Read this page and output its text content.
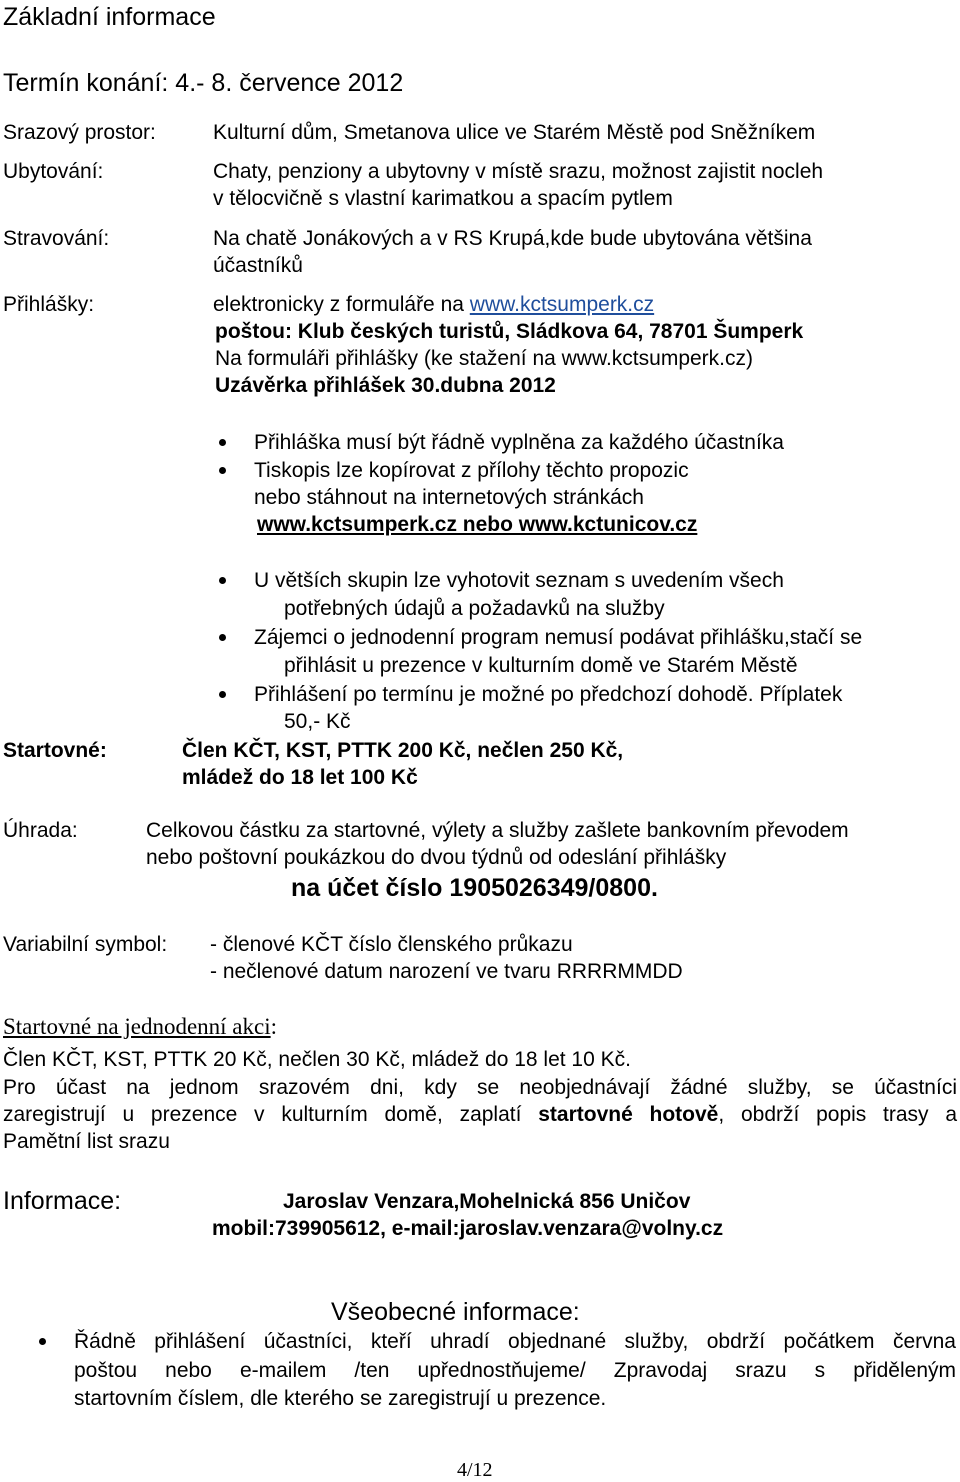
Základní informace
Termín konání: 4.- 8. července 2012
Srazový prostor:	Kulturní dům, Smetanova ulice ve Starém Městě pod Sněžníkem
Ubytování:	Chaty, penziony a ubytovny v místě srazu, možnost zajistit nocleh
v tělocvičně s vlastní karimatkou a spacím pytlem
Stravování:	Na chatě Jonákových a v RS Krupá,kde bude ubytována většina
účastníků
Přihlášky:	elektronicky z formuláře na www.kctsumperk.cz
poštou: Klub českých turistů, Sládkova 64, 78701 Šumperk
Na formuláři přihlášky (ke stažení na www.kctsumperk.cz)
Uzávěrka přihlášek 30.dubna 2012
Přihláška musí být řádně vyplněna za každého účastníka
Tiskopis lze kopírovat z přílohy těchto propozic
nebo stáhnout na internetových stránkách
www.kctsumperk.cz nebo www.kctunicov.cz
U větších skupin lze vyhotovit seznam s uvedením všech
potřebných údajů a požadavků na služby
Zájemci o jednodenní program nemusí podávat přihlášku,stačí se
přihlásit u prezence v kulturním domě ve Starém Městě
Přihlášení po termínu je možné po předchozí dohodě. Příplatek
50,- Kč
Startovné:	Člen KČT, KST, PTTK 200 Kč, nečlen 250 Kč,
mládež do 18 let 100 Kč
Úhrada:	Celkovou částku za startovné, výlety a služby zašlete bankovním převodem
nebo poštovní poukázkou do dvou týdnů od odeslání přihlášky
na účet číslo 1905026349/0800.
Variabilní symbol: - členové KČT číslo členského průkazu
- nečlenové datum narození ve tvaru RRRRMMDD
Startovné na jednodenní akci:
Člen KČT, KST, PTTK 20 Kč, nečlen 30 Kč, mládež do 18 let 10 Kč.
Pro účast na jednom srazovém dni, kdy se neobjednávají žádné služby, se účastníci
zaregistrují u prezence v kulturním domě, zaplatí startovné hotově, obdrží popis trasy a
Pamětní list srazu
Informace:	Jaroslav Venzara,Mohelnická 856 Uničov
mobil:739905612, e-mail:jaroslav.venzara@volny.cz
Všeobecné informace:
Řádně přihlášení účastníci, kteří uhradí objednané služby, obdrží počátkem června
poštou nebo e-mailem /ten upřednostňujeme/ Zpravodaj srazu s přiděleným
startovním číslem, dle kterého se zaregistrují u prezence.
4/12
